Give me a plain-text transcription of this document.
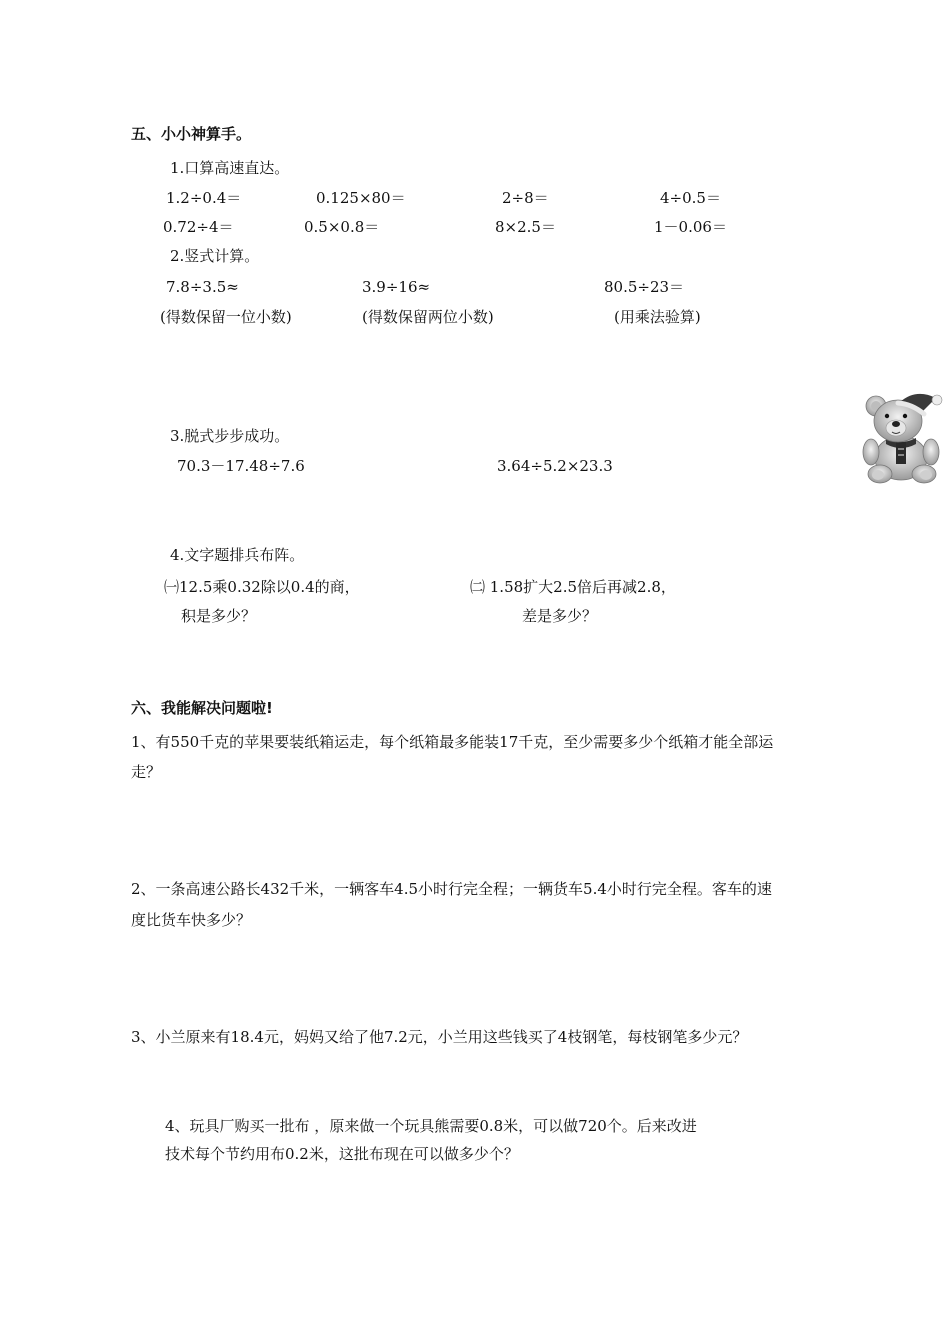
五、小小神算手。
1.口算高速直达。
1.2÷0.4＝	0.125×80＝	2÷8＝	4÷0.5＝
0.72÷4＝	0.5×0.8＝	8×2.5＝	1－0.06＝
2.竖式计算。
7.8÷3.5≈	3.9÷16≈	80.5÷23＝
(得数保留一位小数)	(得数保留两位小数)	(用乘法验算)
3.脱式步步成功。
70.3－17.48÷7.6	3.64÷5.2×23.3
4.文字题排兵布阵。
㈠12.5乘0.32除以0.4的商，
积是多少？
㈡ 1.58扩大2.5倍后再减2.8，
差是多少？
六、我能解决问题啦!
1、有550千克的苹果要装纸箱运走，每个纸箱最多能装17千克，至少需要多少个纸箱才能全部运
走？
2、一条高速公路长432千米，一辆客车4.5小时行完全程；一辆货车5.4小时行完全程。客车的速
度比货车快多少？
3、小兰原来有18.4元，妈妈又给了他7.2元，小兰用这些钱买了4枝钢笔，每枝钢笔多少元？
4、玩具厂购买一批布 ，原来做一个玩具熊需要0.8米，可以做720个。后来改进
技术每个节约用布0.2米，这批布现在可以做多少个？
